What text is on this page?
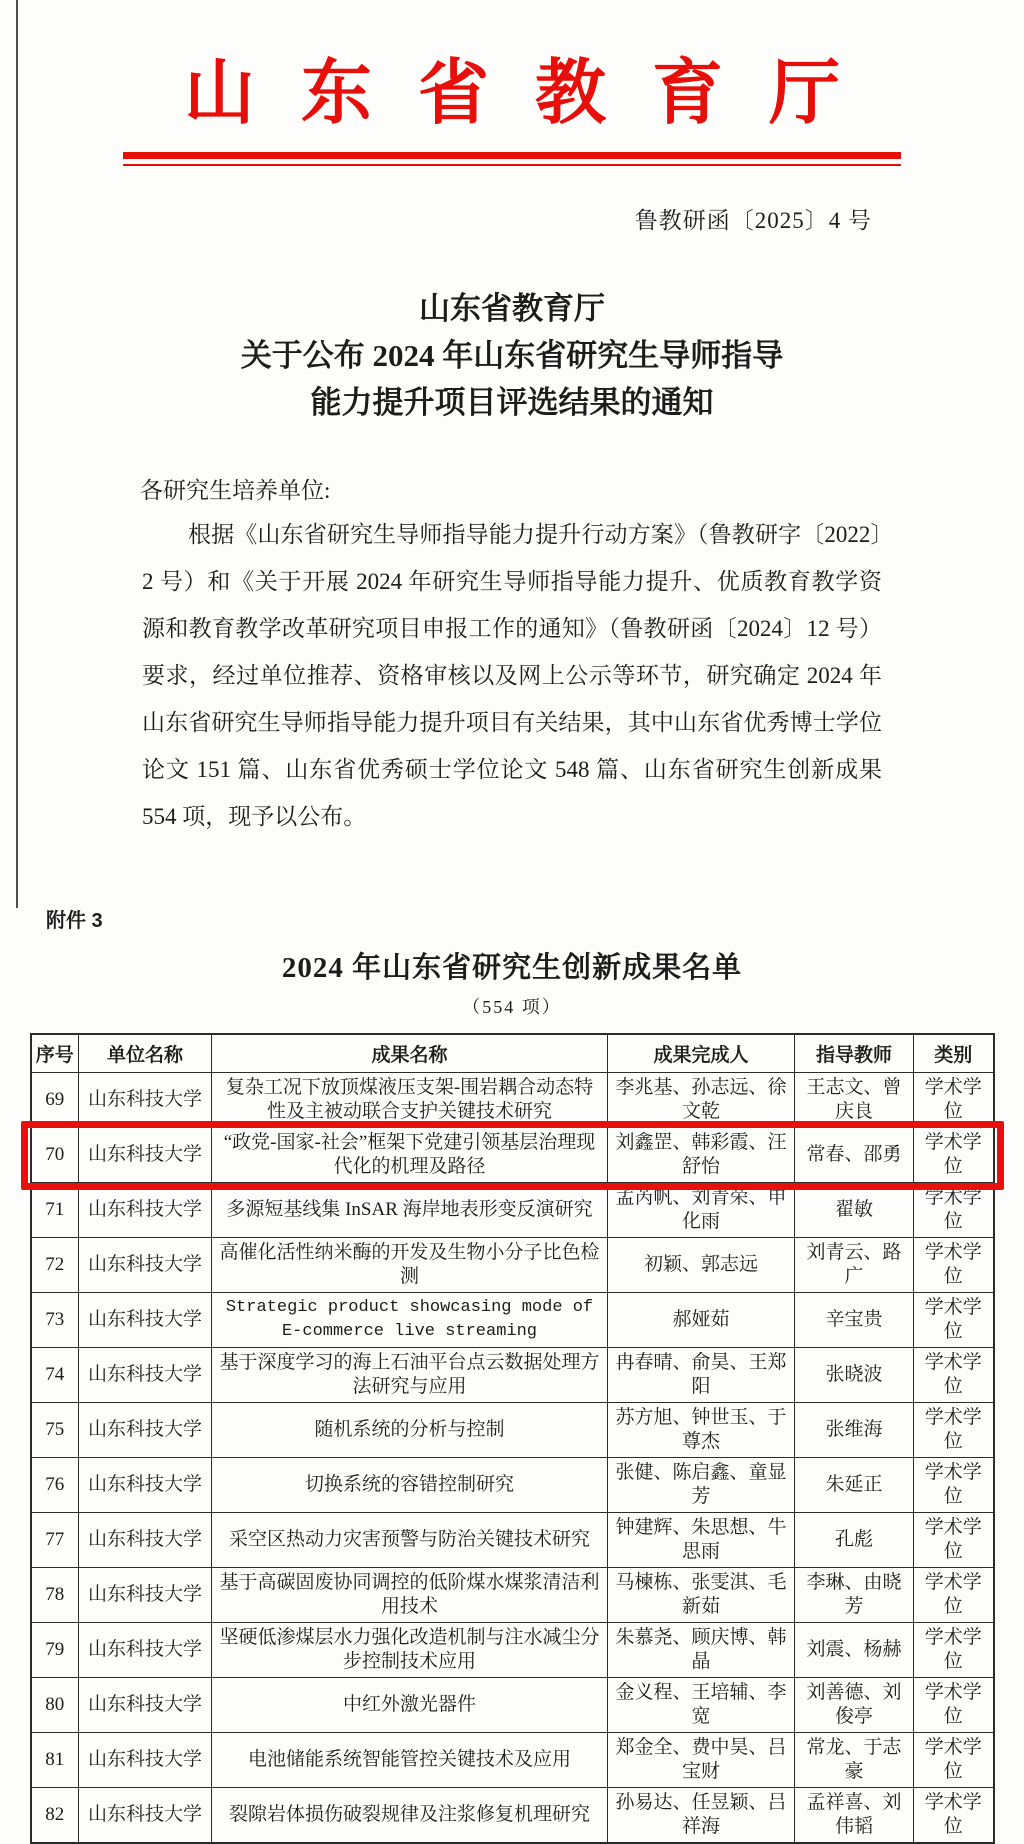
山东省教育厅
鲁教研函〔2025〕4 号
山东省教育厅
关于公布 2024 年山东省研究生导师指导
能力提升项目评选结果的通知
各研究生培养单位:

根据《山东省研究生导师指导能力提升行动方案》（鲁教研字〔2022〕2 号）和《关于开展 2024 年研究生导师指导能力提升、优质教育教学资源和教育教学改革研究项目申报工作的通知》（鲁教研函〔2024〕12 号）要求，经过单位推荐、资格审核以及网上公示等环节，研究确定 2024 年山东省研究生导师指导能力提升项目有关结果，其中山东省优秀博士学位论文 151 篇、山东省优秀硕士学位论文 548 篇、山东省研究生创新成果 554 项，现予以公布。

附件 3
2024 年山东省研究生创新成果名单
（554 项）
序号	单位名称	成果名称	成果完成人	指导教师	类别
69	山东科技大学	复杂工况下放顶煤液压支架-围岩耦合动态特性及主被动联合支护关键技术研究	李兆基、孙志远、徐文乾	王志文、曾庆良	学术学位
70	山东科技大学	“政党-国家-社会”框架下党建引领基层治理现代化的机理及路径	刘鑫罡、韩彩霞、汪舒怡	常春、邵勇	学术学位
71	山东科技大学	多源短基线集 InSAR 海岸地表形变反演研究	孟芮帆、刘青荣、申化雨	翟敏	学术学位
72	山东科技大学	高催化活性纳米酶的开发及生物小分子比色检测	初颖、郭志远	刘青云、路广	学术学位
73	山东科技大学	Strategic product showcasing mode of E-commerce live streaming	郝娅茹	辛宝贵	学术学位
74	山东科技大学	基于深度学习的海上石油平台点云数据处理方法研究与应用	冉春晴、俞昊、王郑阳	张晓波	学术学位
75	山东科技大学	随机系统的分析与控制	苏方旭、钟世玉、于尊杰	张维海	学术学位
76	山东科技大学	切换系统的容错控制研究	张健、陈启鑫、童显芳	朱延正	学术学位
77	山东科技大学	采空区热动力灾害预警与防治关键技术研究	钟建辉、朱思想、牛思雨	孔彪	学术学位
78	山东科技大学	基于高碳固废协同调控的低阶煤水煤浆清洁利用技术	马楝栋、张雯淇、毛新茹	李琳、由晓芳	学术学位
79	山东科技大学	坚硬低渗煤层水力强化改造机制与注水减尘分步控制技术应用	朱慕尧、顾庆博、韩晶	刘震、杨赫	学术学位
80	山东科技大学	中红外激光器件	金义程、王培辅、李宽	刘善德、刘俊亭	学术学位
81	山东科技大学	电池储能系统智能管控关键技术及应用	郑金全、费中昊、吕宝财	常龙、于志豪	学术学位
82	山东科技大学	裂隙岩体损伤破裂规律及注浆修复机理研究	孙易达、任昱颖、吕祥海	孟祥喜、刘伟韬	学术学位
